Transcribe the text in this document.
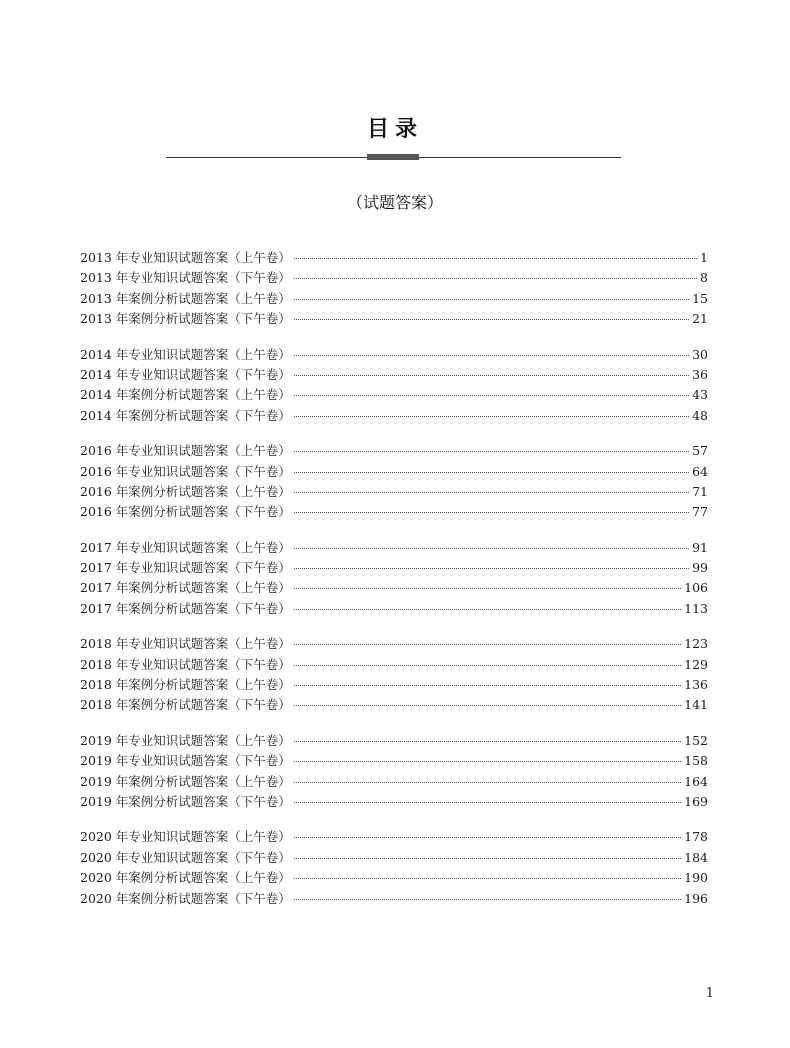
目录
（试题答案）
2013 年专业知识试题答案（上午卷）	1
2013 年专业知识试题答案（下午卷）	8
2013 年案例分析试题答案（上午卷）	15
2013 年案例分析试题答案（下午卷）	21
2014 年专业知识试题答案（上午卷）	30
2014 年专业知识试题答案（下午卷）	36
2014 年案例分析试题答案（上午卷）	43
2014 年案例分析试题答案（下午卷）	48
2016 年专业知识试题答案（上午卷）	57
2016 年专业知识试题答案（下午卷）	64
2016 年案例分析试题答案（上午卷）	71
2016 年案例分析试题答案（下午卷）	77
2017 年专业知识试题答案（上午卷）	91
2017 年专业知识试题答案（下午卷）	99
2017 年案例分析试题答案（上午卷）	106
2017 年案例分析试题答案（下午卷）	113
2018 年专业知识试题答案（上午卷）	123
2018 年专业知识试题答案（下午卷）	129
2018 年案例分析试题答案（上午卷）	136
2018 年案例分析试题答案（下午卷）	141
2019 年专业知识试题答案（上午卷）	152
2019 年专业知识试题答案（下午卷）	158
2019 年案例分析试题答案（上午卷）	164
2019 年案例分析试题答案（下午卷）	169
2020 年专业知识试题答案（上午卷）	178
2020 年专业知识试题答案（下午卷）	184
2020 年案例分析试题答案（上午卷）	190
2020 年案例分析试题答案（下午卷）	196
1
